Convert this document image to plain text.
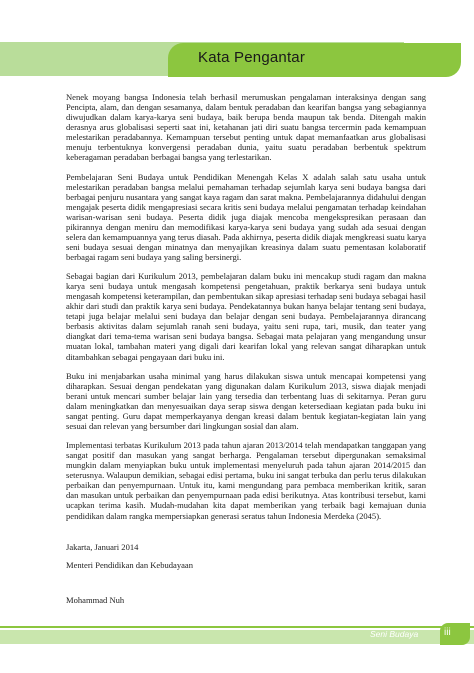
Kata Pengantar

Nenek moyang bangsa Indonesia telah berhasil merumuskan pengalaman interaksinya dengan sang Pencipta, alam, dan dengan sesamanya, dalam bentuk peradaban dan kearifan bangsa yang sebagiannya diwujudkan dalam karya-karya seni budaya, baik berupa benda maupun tak benda. Ditengah makin derasnya arus globalisasi seperti saat ini, ketahanan jati diri suatu bangsa tercermin pada kemampuan melestarikan peradabannya. Kemampuan tersebut penting untuk dapat memanfaatkan arus globalisasi menuju terbentuknya konvergensi peradaban dunia, yaitu suatu peradaban berbentuk spektrum keberagaman peradaban berbagai bangsa yang terlestarikan.

Pembelajaran Seni Budaya untuk Pendidikan Menengah Kelas X adalah salah satu usaha untuk melestarikan peradaban bangsa melalui pemahaman terhadap sejumlah karya seni budaya bangsa dari berbagai penjuru nusantara yang sangat kaya ragam dan sarat makna. Pembelajarannya didahului dengan mengajak peserta didik mengapresiasi secara kritis seni budaya melalui pengamatan terhadap keindahan warisan-warisan seni budaya. Peserta didik juga diajak mencoba mengekspresikan perasaan dan pikirannya dengan meniru dan memodifikasi karya-karya seni budaya yang sudah ada sesuai dengan selera dan kemampuannya yang terus diasah. Pada akhirnya, peserta didik diajak mengkreasi suatu karya seni budaya sesuai dengan minatnya dan menyajikan kreasinya dalam suatu pementasan kolaboratif berbagai ragam seni budaya yang saling bersinergi.

Sebagai bagian dari Kurikulum 2013, pembelajaran dalam buku ini mencakup studi ragam dan makna karya seni budaya untuk mengasah kompetensi pengetahuan, praktik berkarya seni budaya untuk mengasah kompetensi keterampilan, dan pembentukan sikap apresiasi terhadap seni budaya sebagai hasil akhir dari studi dan praktik karya seni budaya. Pendekatannya bukan hanya belajar tentang seni budaya, tetapi juga belajar melalui seni budaya dan belajar dengan seni budaya. Pembelajarannya dirancang berbasis aktivitas dalam sejumlah ranah seni budaya, yaitu seni rupa, tari, musik, dan teater yang diangkat dari tema-tema warisan seni budaya bangsa. Sebagai mata pelajaran yang mengandung unsur muatan lokal, tambahan materi yang digali dari kearifan lokal yang relevan sangat diharapkan untuk ditambahkan sebagai pengayaan dari buku ini.

Buku ini menjabarkan usaha minimal yang harus dilakukan siswa untuk mencapai kompetensi yang diharapkan. Sesuai dengan pendekatan yang digunakan dalam Kurikulum 2013, siswa diajak menjadi berani untuk mencari sumber belajar lain yang tersedia dan terbentang luas di sekitarnya. Peran guru dalam meningkatkan dan menyesuaikan daya serap siswa dengan ketersediaan kegiatan pada buku ini sangat penting. Guru dapat memperkayanya dengan kreasi dalam bentuk kegiatan-kegiatan lain yang sesuai dan relevan yang bersumber dari lingkungan sosial dan alam.

Implementasi terbatas Kurikulum 2013 pada tahun ajaran 2013/2014 telah mendapatkan tanggapan yang sangat positif dan masukan yang sangat berharga. Pengalaman tersebut dipergunakan semaksimal mungkin dalam menyiapkan buku untuk implementasi menyeluruh pada tahun ajaran 2014/2015 dan seterusnya. Walaupun demikian, sebagai edisi pertama, buku ini sangat terbuka dan perlu terus dilakukan perbaikan dan penyempurnaan. Untuk itu, kami mengundang para pembaca memberikan kritik, saran dan masukan untuk perbaikan dan penyempurnaan pada edisi berikutnya. Atas kontribusi tersebut, kami ucapkan terima kasih. Mudah-mudahan kita dapat memberikan yang terbaik bagi kemajuan dunia pendidikan dalam rangka mempersiapkan generasi seratus tahun Indonesia Merdeka (2045).

Jakarta, Januari 2014
Menteri Pendidikan dan Kebudayaan
Mohammad Nuh
Seni Budaya	iii
